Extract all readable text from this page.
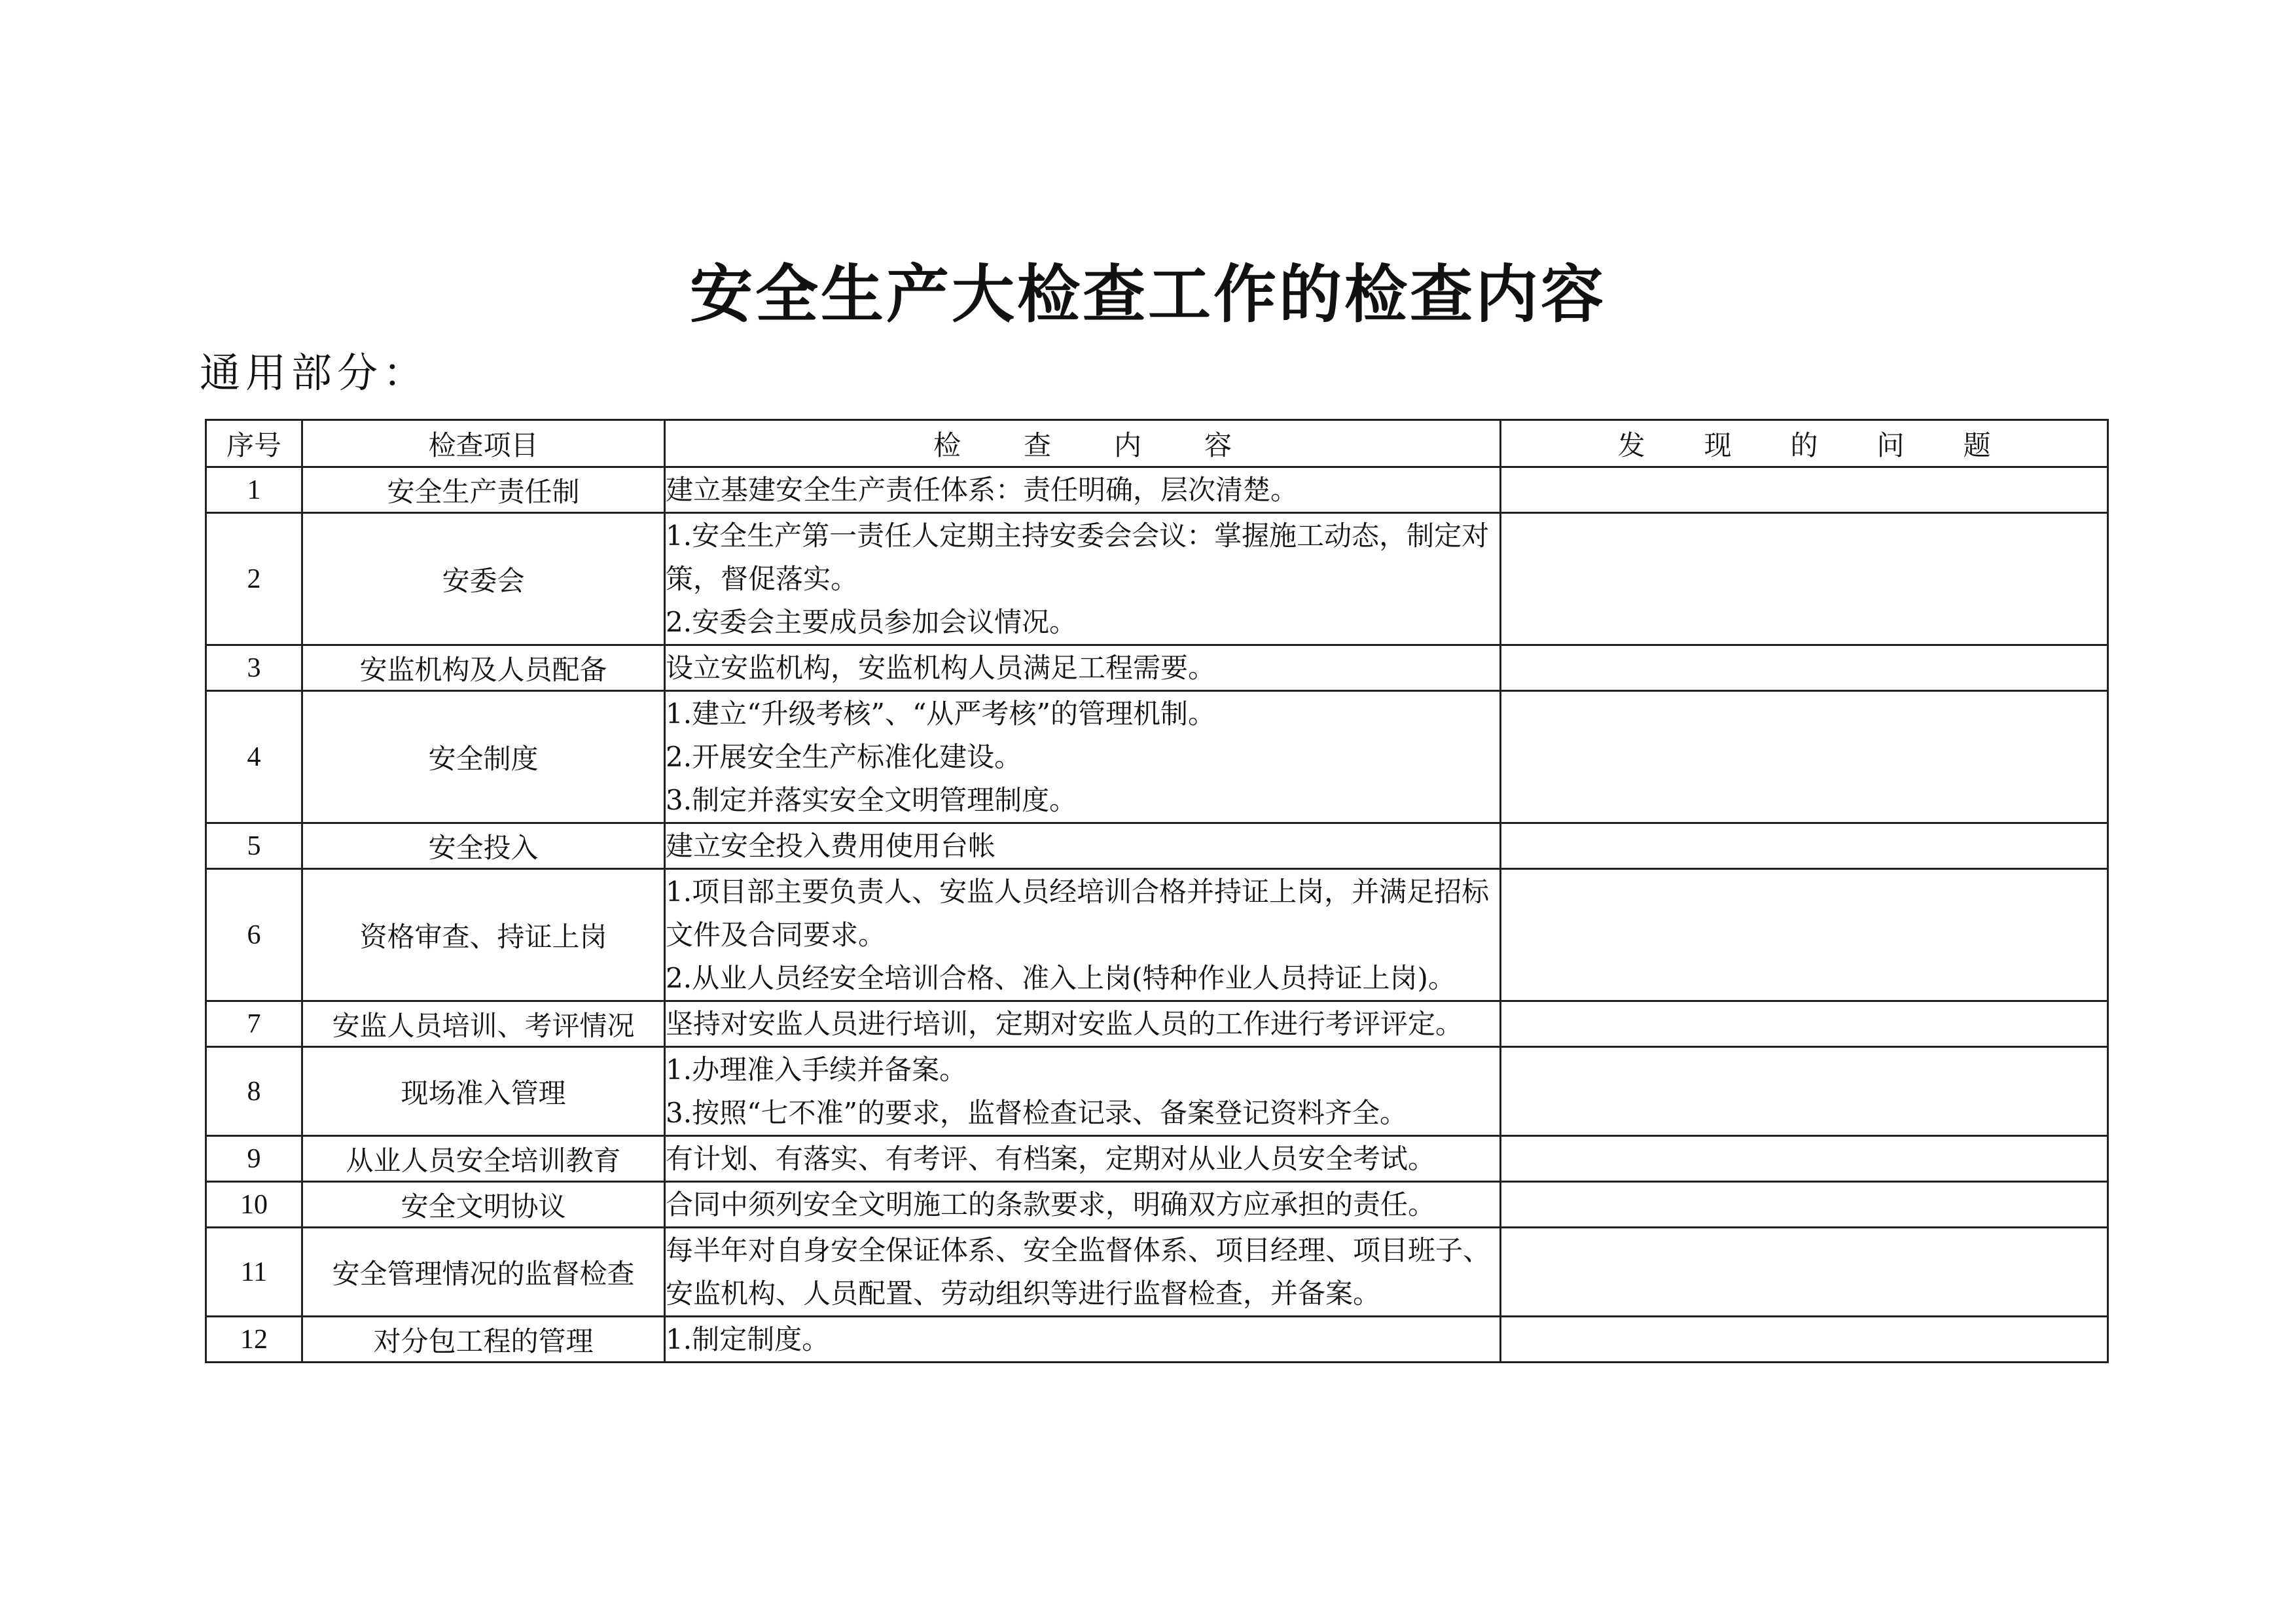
安全生产大检查工作的检查内容
通用部分：
序号	检查项目	检查内容	发现的问题
1	安全生产责任制	建立基建安全生产责任体系：责任明确，层次清楚。	

2	安委会	1.安全生产第一责任人定期主持安委会会议：掌握施工动态，制定对策，督促落实。
2.安委会主要成员参加会议情况。	

3	安监机构及人员配备	设立安监机构，安监机构人员满足工程需要。	

4	安全制度	1.建立“升级考核”、“从严考核”的管理机制。
2.开展安全生产标准化建设。
3.制定并落实安全文明管理制度。	

5	安全投入	建立安全投入费用使用台帐	

6	资格审查、持证上岗	1.项目部主要负责人、安监人员经培训合格并持证上岗，并满足招标文件及合同要求。
2.从业人员经安全培训合格、准入上岗(特种作业人员持证上岗)。	

7	安监人员培训、考评情况	坚持对安监人员进行培训，定期对安监人员的工作进行考评评定。	

8	现场准入管理	1.办理准入手续并备案。
3.按照“七不准”的要求，监督检查记录、备案登记资料齐全。	

9	从业人员安全培训教育	有计划、有落实、有考评、有档案，定期对从业人员安全考试。	

10	安全文明协议	合同中须列安全文明施工的条款要求，明确双方应承担的责任。	

11	安全管理情况的监督检查	每半年对自身安全保证体系、安全监督体系、项目经理、项目班子、安监机构、人员配置、劳动组织等进行监督检查，并备案。	

12	对分包工程的管理	1.制定制度。	
